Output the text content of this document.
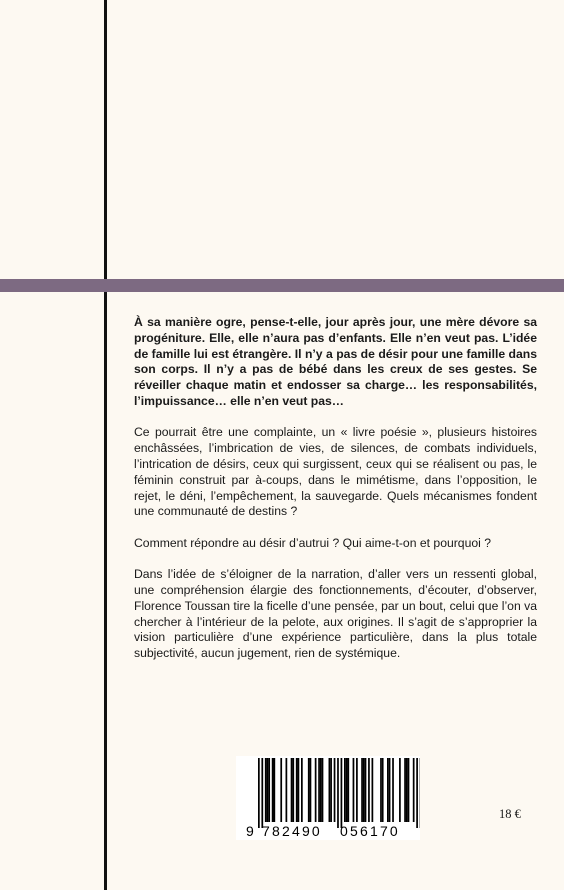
À sa manière ogre, pense-t-elle, jour après jour, une mère dévore sa progéniture. Elle, elle n’aura pas d’enfants. Elle n’en veut pas. L’idée de famille lui est étrangère. Il n’y a pas de désir pour une famille dans son corps. Il n’y a pas de bébé dans les creux de ses gestes. Se réveiller chaque matin et endosser sa charge… les responsabilités, l’impuissance… elle n’en veut pas…

Ce pourrait être une complainte, un « livre poésie », plusieurs histoires enchâssées, l’imbrication de vies, de silences, de combats individuels, l’intrication de désirs, ceux qui surgissent, ceux qui se réalisent ou pas, le féminin construit par à-coups, dans le mimétisme, dans l’opposition, le rejet, le déni, l’empêchement, la sauvegarde. Quels mécanismes fondent une communauté de destins ?

Comment répondre au désir d’autrui ? Qui aime-t-on et pourquoi ?

Dans l’idée de s’éloigner de la narration, d’aller vers un ressenti global, une compréhension élargie des fonctionnements, d’écouter, d’observer, Florence Toussan tire la ficelle d’une pensée, par un bout, celui que l’on va chercher à l’intérieur de la pelote, aux origines. Il s’agit de s’approprier la vision particulière d’une expérience particulière, dans la plus totale subjectivité, aucun jugement, rien de systémique.

9 782490 056170
18 €
